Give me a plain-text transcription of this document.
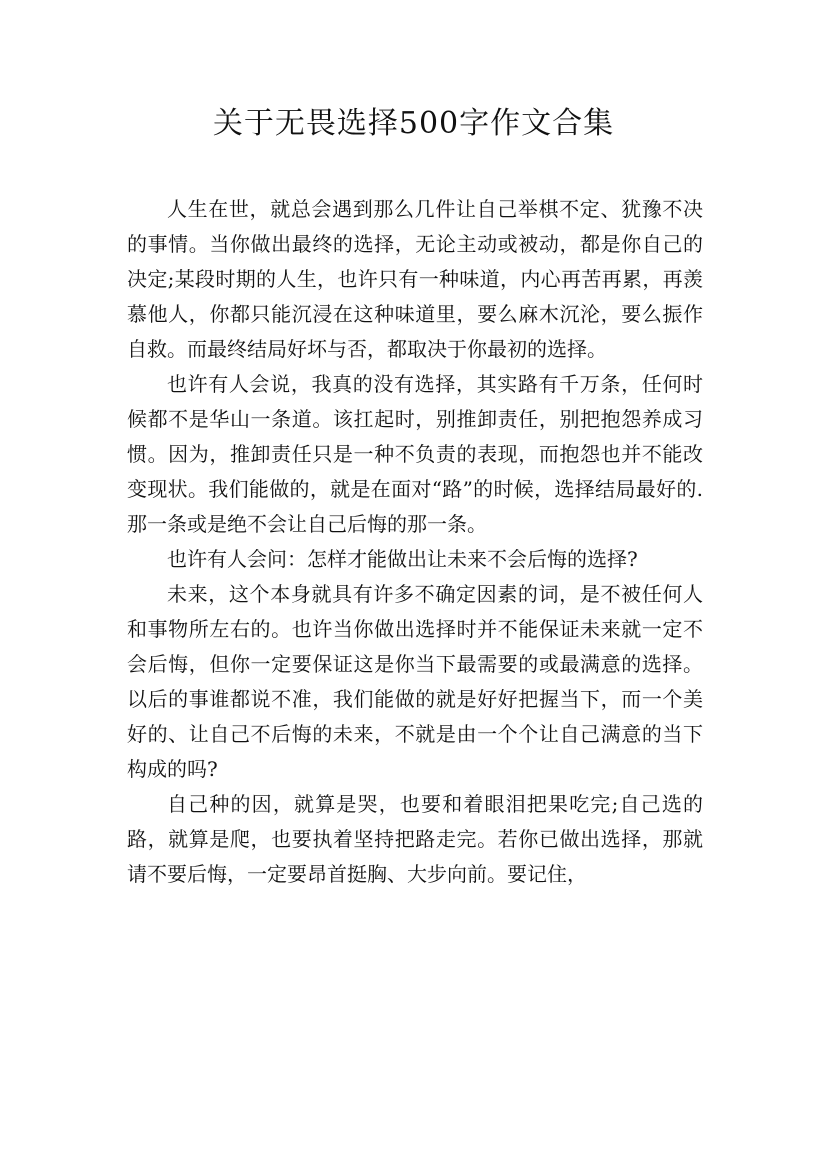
关于无畏选择500字作文合集

人生在世，就总会遇到那么几件让自己举棋不定、犹豫不决的事情。当你做出最终的选择，无论主动或被动，都是你自己的决定;某段时期的人生，也许只有一种味道，内心再苦再累，再羡慕他人，你都只能沉浸在这种味道里，要么麻木沉沦，要么振作自救。而最终结局好坏与否，都取决于你最初的选择。

也许有人会说，我真的没有选择，其实路有千万条，任何时候都不是华山一条道。该扛起时，别推卸责任，别把抱怨养成习惯。因为，推卸责任只是一种不负责的表现，而抱怨也并不能改变现状。我们能做的，就是在面对“路”的时候，选择结局最好的.那一条或是绝不会让自己后悔的那一条。

也许有人会问：怎样才能做出让未来不会后悔的选择?

未来，这个本身就具有许多不确定因素的词，是不被任何人和事物所左右的。也许当你做出选择时并不能保证未来就一定不会后悔，但你一定要保证这是你当下最需要的或最满意的选择。以后的事谁都说不准，我们能做的就是好好把握当下，而一个美好的、让自己不后悔的未来，不就是由一个个让自己满意的当下构成的吗?

自己种的因，就算是哭，也要和着眼泪把果吃完;自己选的路，就算是爬，也要执着坚持把路走完。若你已做出选择，那就请不要后悔，一定要昂首挺胸、大步向前。要记住，
